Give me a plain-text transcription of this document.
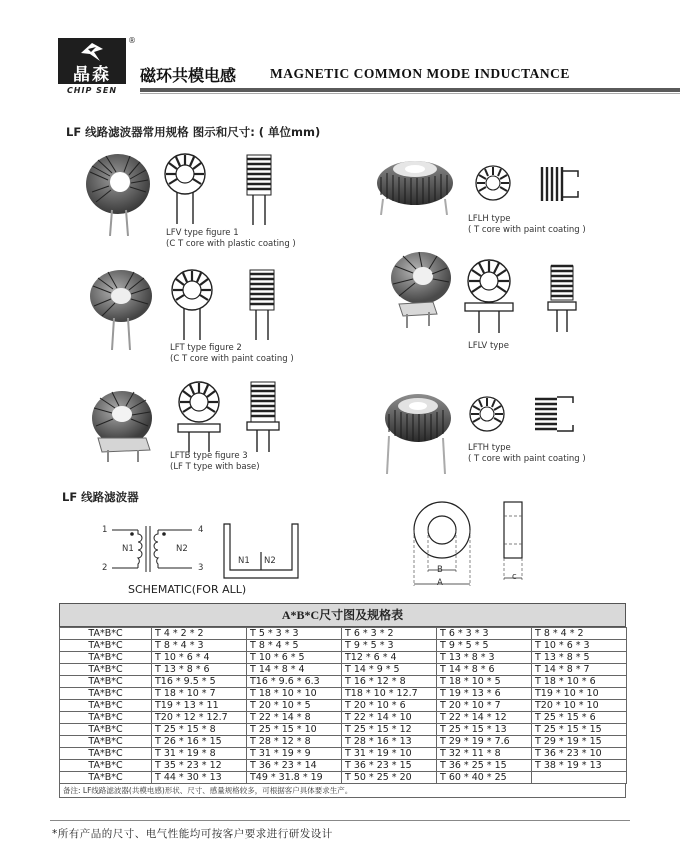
晶森
®
CHIP SEN
磁环共模电感	MAGNETIC COMMON MODE INDUCTANCE
LF 线路滤波器常用规格 图示和尺寸: ( 单位mm)
LFV type figure 1
(C T core with plastic coating )
LFLH type
( T core with paint coating )
LFT type figure 2
(C T core with paint coating )
LFLV type
LFTB type figure 3
(LF T type with base)
LFTH type
( T core with paint coating )
LF 线路滤波器
1
2
4
3
N1	N2
N1 N2
SCHEMATIC(FOR ALL)
B
A
c
A*B*C尺寸图及规格表
TA*B*C	T 4 * 2 * 2	T 5 * 3 * 3	T 6 * 3 * 2	T 6 * 3 * 3	T 8 * 4 * 2
TA*B*C	T 8 * 4 * 3	T 8 * 4 * 5	T 9 * 5 * 3	T 9 * 5 * 5	T 10 * 6 * 3
TA*B*C	T 10 * 6 * 4	T 10 * 6 * 5	T12 * 6 * 4	T 13 * 8 * 3	T 13 * 8 * 5
TA*B*C	T 13 * 8 * 6	T 14 * 8 * 4	T 14 * 9 * 5	T 14 * 8 * 6	T 14 * 8 * 7
TA*B*C	T16 * 9.5 * 5	T16 * 9.6 * 6.3	T 16 * 12 * 8	T 18 * 10 * 5	T 18 * 10 * 6
TA*B*C	T 18 * 10 * 7	T 18 * 10 * 10	T18 * 10 * 12.7	T 19 * 13 * 6	T19 * 10 * 10
TA*B*C	T19 * 13 * 11	T 20 * 10 * 5	T 20 * 10 * 6	T 20 * 10 * 7	T20 * 10 * 10
TA*B*C	T20 * 12 * 12.7	T 22 * 14 * 8	T 22 * 14 * 10	T 22 * 14 * 12	T 25 * 15 * 6
TA*B*C	T 25 * 15 * 8	T 25 * 15 * 10	T 25 * 15 * 12	T 25 * 15 * 13	T 25 * 15 * 15
TA*B*C	T 26 * 16 * 15	T 28 * 12 * 8	T 28 * 16 * 13	T 29 * 19 * 7.6	T 29 * 19 * 15
TA*B*C	T 31 * 19 * 8	T 31 * 19 * 9	T 31 * 19 * 10	T 32 * 11 * 8	T 36 * 23 * 10
TA*B*C	T 35 * 23 * 12	T 36 * 23 * 14	T 36 * 23 * 15	T 36 * 25 * 15	T 38 * 19 * 13
TA*B*C	T 44 * 30 * 13	T49 * 31.8 * 19	T 50 * 25 * 20	T 60 * 40 * 25	
备注: LF线路滤波器(共模电感)形状、尺寸、感量规格较多，可根据客户具体要求生产。
*所有产品的尺寸、电气性能均可按客户要求进行研发设计
